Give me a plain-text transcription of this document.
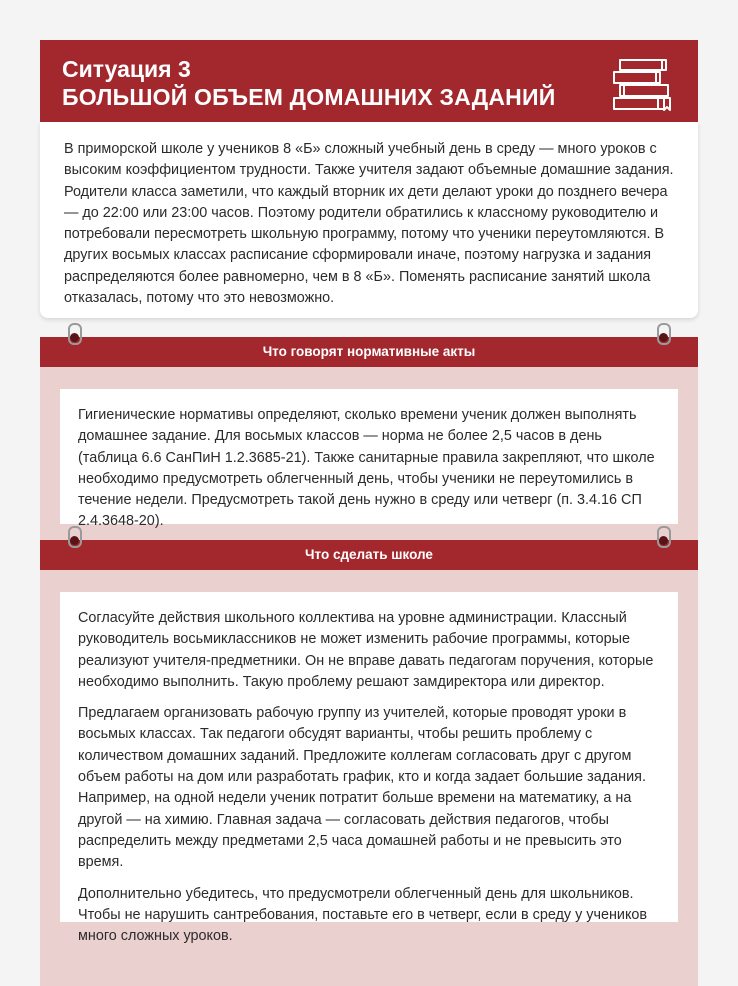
Ситуация 3
БОЛЬШОЙ ОБЪЕМ ДОМАШНИХ ЗАДАНИЙ

В приморской школе у учеников 8 «Б» сложный учебный день в среду — много уроков с высоким коэффициентом трудности. Также учителя задают объемные домашние задания. Родители класса заметили, что каждый вторник их дети делают уроки до позднего вечера — до 22:00 или 23:00 часов. Поэтому родители обратились к классному руководителю и потребовали пересмотреть школьную программу, потому что ученики переутомляются. В других восьмых классах расписание сформировали иначе, поэтому нагрузка и задания распределяются более равномерно, чем в 8 «Б». Поменять расписание занятий школа отказалась, потому что это невозможно.

Что говорят нормативные акты

Гигиенические нормативы определяют, сколько времени ученик должен выполнять домашнее задание. Для восьмых классов — норма не более 2,5 часов в день (таблица 6.6 СанПиН 1.2.3685-21). Также санитарные правила закрепляют, что школе необходимо предусмотреть облегченный день, чтобы ученики не переутомились в течение недели. Предусмотреть такой день нужно в среду или четверг (п. 3.4.16 СП 2.4.3648-20).

Что сделать школе

Согласуйте действия школьного коллектива на уровне администрации. Классный руководитель восьмиклассников не может изменить рабочие программы, которые реализуют учителя-предметники. Он не вправе давать педагогам поручения, которые необходимо выполнить. Такую проблему решают замдиректора или директор.

Предлагаем организовать рабочую группу из учителей, которые проводят уроки в восьмых классах. Так педагоги обсудят варианты, чтобы решить проблему с количеством домашних заданий. Предложите коллегам согласовать друг с другом объем работы на дом или разработать график, кто и когда задает большие задания. Например, на одной недели ученик потратит больше времени на математику, а на другой — на химию. Главная задача — согласовать действия педагогов, чтобы распределить между предметами 2,5 часа домашней работы и не превысить это время.

Дополнительно убедитесь, что предусмотрели облегченный день для школьников. Чтобы не нарушить сантребования, поставьте его в четверг, если в среду у учеников много сложных уроков.
